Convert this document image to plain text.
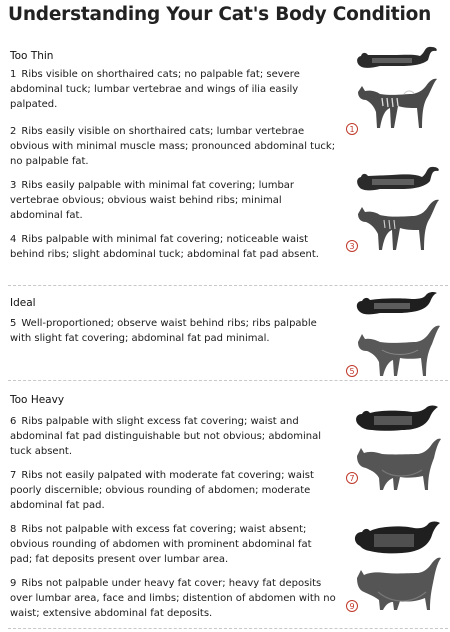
Understanding Your Cat's Body Condition
Too Thin
1 Ribs visible on shorthaired cats; no palpable fat; severe abdominal tuck; lumbar vertebrae and wings of ilia easily palpated.
2 Ribs easily visible on shorthaired cats; lumbar vertebrae obvious with minimal muscle mass; pronounced abdominal tuck; no palpable fat.
3 Ribs easily palpable with minimal fat covering; lumbar vertebrae obvious; obvious waist behind ribs; minimal abdominal fat.
4 Ribs palpable with minimal fat covering; noticeable waist behind ribs; slight abdominal tuck; abdominal fat pad absent.
Ideal
5 Well-proportioned; observe waist behind ribs; ribs palpable with slight fat covering; abdominal fat pad minimal.
Too Heavy
6 Ribs palpable with slight excess fat covering; waist and abdominal fat pad distinguishable but not obvious; abdominal tuck absent.
7 Ribs not easily palpated with moderate fat covering; waist poorly discernible; obvious rounding of abdomen; moderate abdominal fat pad.
8 Ribs not palpable with excess fat covering; waist absent; obvious rounding of abdomen with prominent abdominal fat pad; fat deposits present over lumbar area.
9 Ribs not palpable under heavy fat cover; heavy fat deposits over lumbar area, face and limbs; distention of abdomen with no waist; extensive abdominal fat deposits.
1
3
5
7
9
